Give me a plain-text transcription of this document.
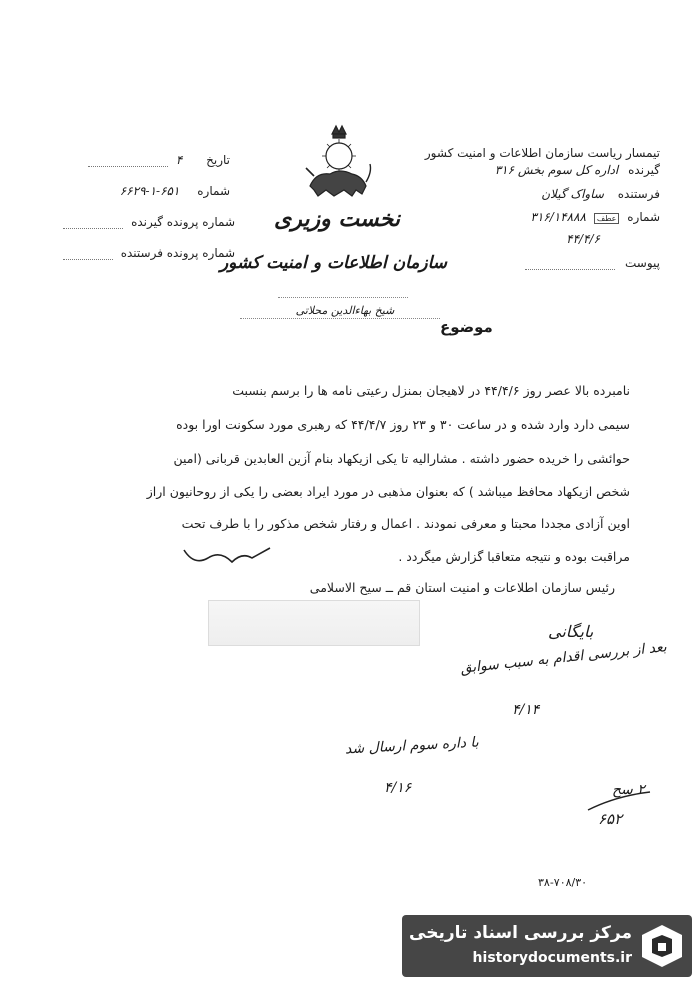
تیمسار ریاست سازمان اطلاعات و امنیت کشور
گیرنده اداره کل سوم بخش ۳۱۶
فرستنده ساواک گیلان
شماره عطف ۳۱۶/۱۴۸۸۸
۴۴/۴/۶
پیوست
تاریخ ۴
شماره ۶۵۱-۱-۶۶۲۹
شماره پرونده گیرنده
شماره پرونده فرستنده
نخست وزیری
سازمان اطلاعات و امنیت کشور
شیخ بهاءالدین محلاتی
موضوع
نامبرده بالا عصر روز ۴۴/۴/۶ در لاهیجان بمنزل رعیتی نامه ها را برسم بنسبت
سیمی دارد وارد شده و در ساعت ۳۰ و ۲۳ روز ۴۴/۴/۷ که رهبری مورد سکونت اورا بوده
حوائشی را خریده حضور داشته . مشارالیه تا یکی ازیکهاد بنام آزین العابدین قربانی (امین
شخص ازیکهاد محافظ میباشد ) که بعنوان مذهبی در مورد ایراد بعضی را یکی از روحانیون اراز
اوین آزادی مجددا محبتا و معرفی نمودند . اعمال و رفتار شخص مذکور را با طرف تحت
مراقبت بوده و نتیجه متعاقبا گزارش میگردد .
رئیس سازمان اطلاعات و امنیت استان قم ــ سیح الاسلامی
بایگانی
بعد از بررسی اقدام به سبب سوابق
۴/۱۴
با داره سوم ارسال شد
۴/۱۶	۲ سح
۶۵۲
۳۸-۷۰۸/۳۰
مرکز بررسی اسناد تاریخی
historydocuments.ir
